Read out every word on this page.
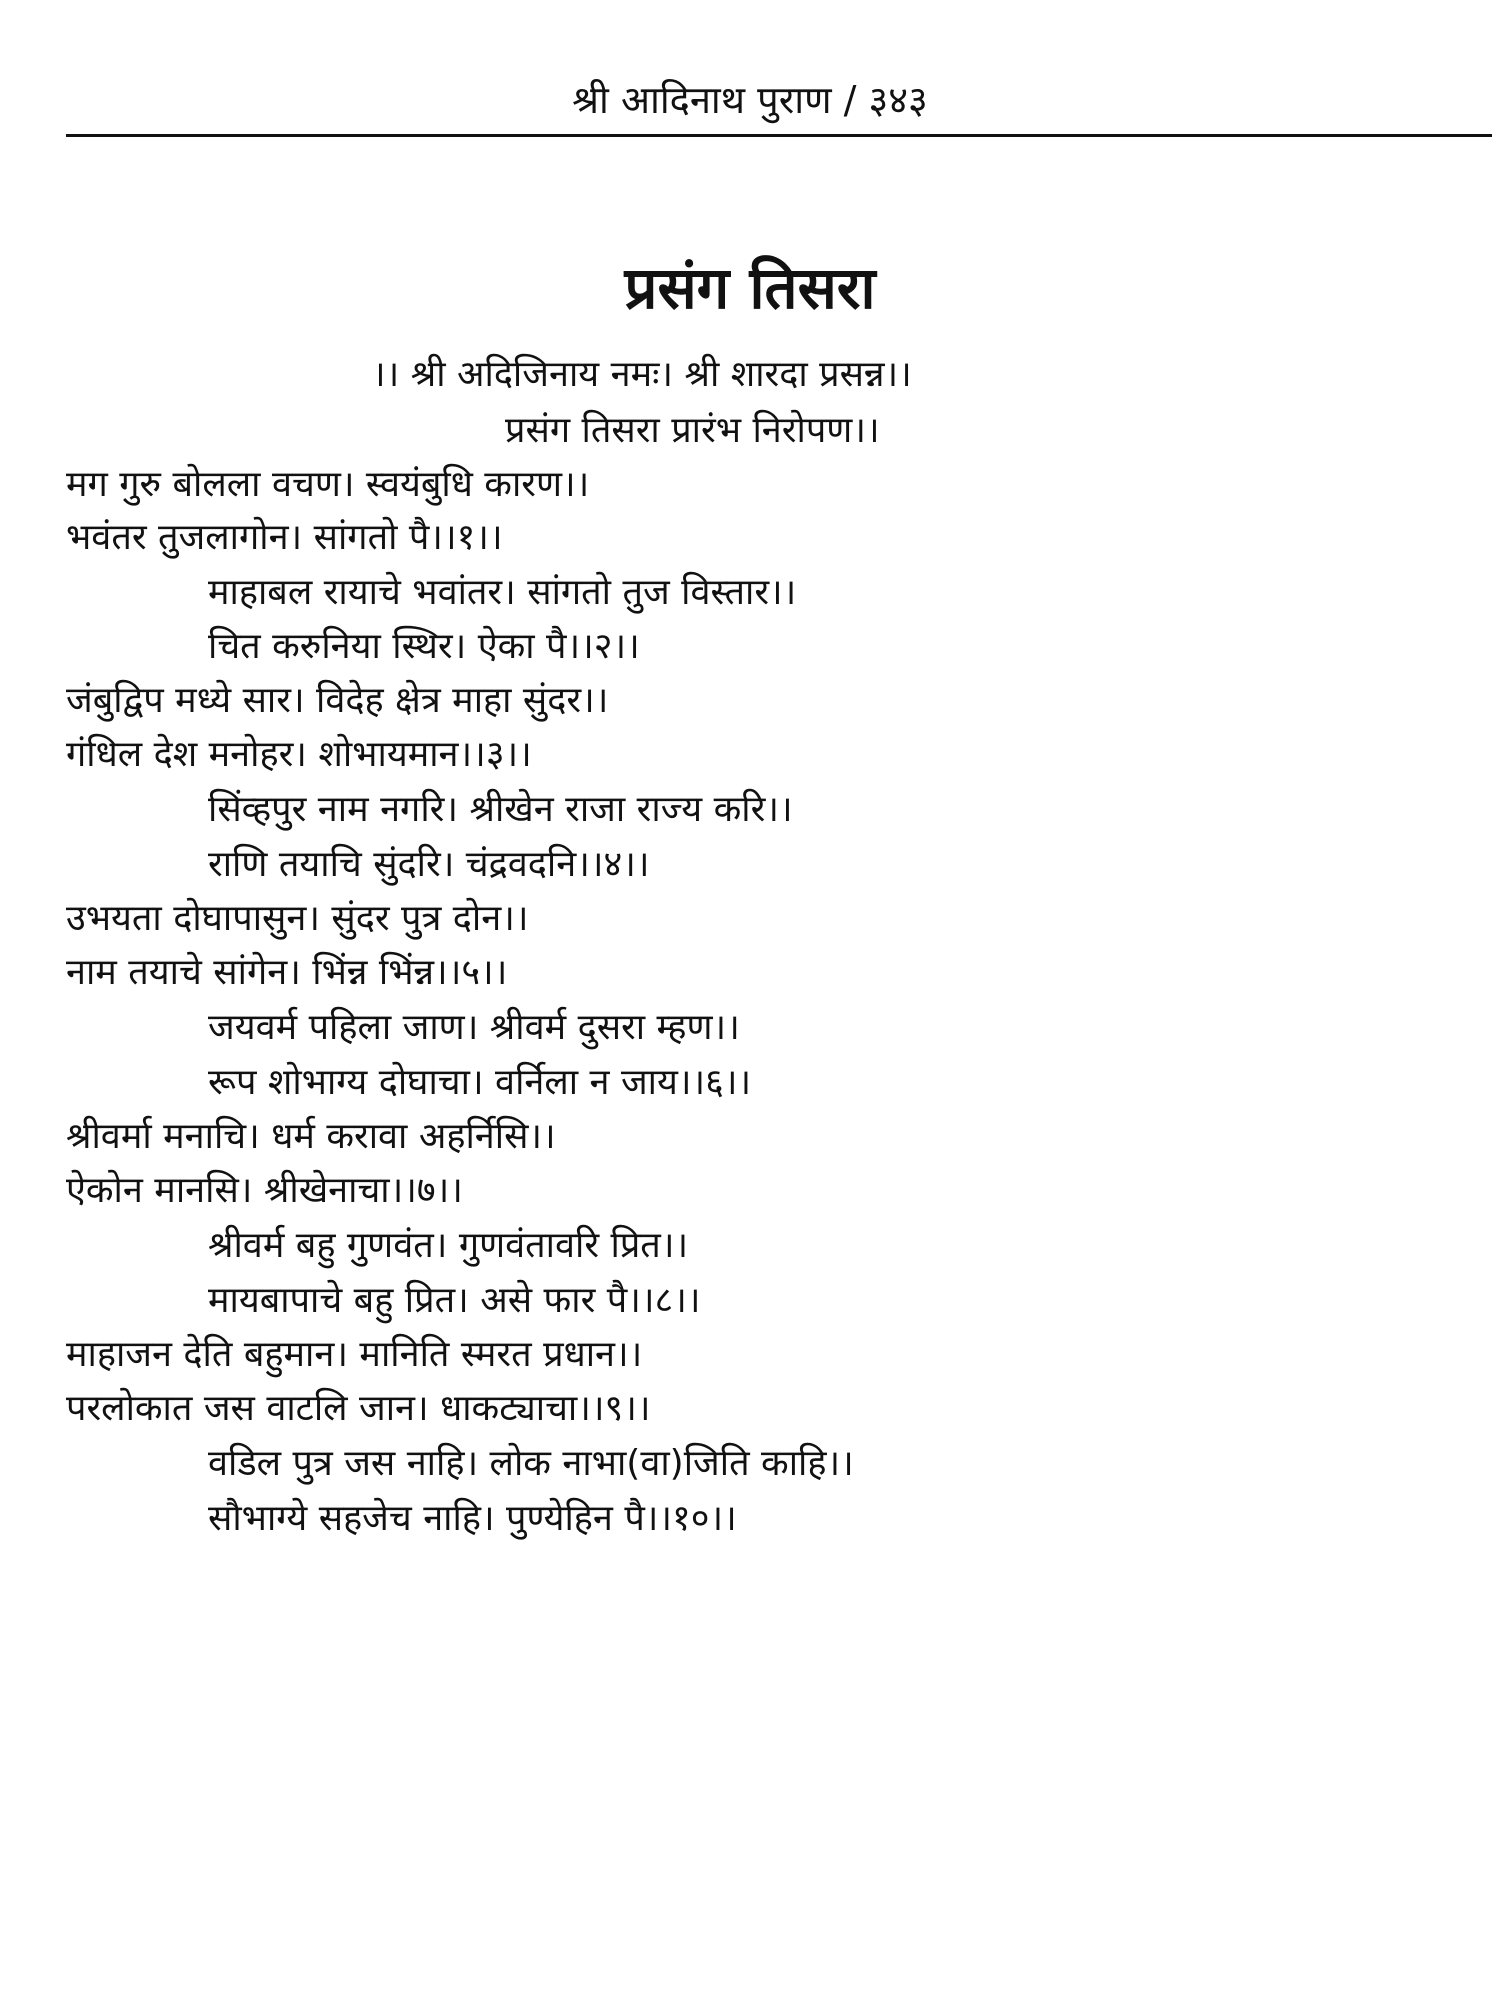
श्री आदिनाथ पुराण / ३४३
प्रसंग तिसरा
।। श्री अदिजिनाय नमः। श्री शारदा प्रसन्न।।
प्रसंग तिसरा प्रारंभ निरोपण।।
मग गुरु बोलला वचण। स्वयंबुधि कारण।।
भवंतर तुजलागोन। सांगतो पै।।१।।
माहाबल रायाचे भवांतर। सांगतो तुज विस्तार।।
चित करुनिया स्थिर। ऐका पै।।२।।
जंबुद्विप मध्ये सार। विदेह क्षेत्र माहा सुंदर।।
गंधिल देश मनोहर। शोभायमान।।३।।
सिंव्हपुर नाम नगरि। श्रीखेन राजा राज्य करि।।
राणि तयाचि सुंदरि। चंद्रवदनि।।४।।
उभयता दोघापासुन। सुंदर पुत्र दोन।।
नाम तयाचे सांगेन। भिंन्न भिंन्न।।५।।
जयवर्म पहिला जाण। श्रीवर्म दुसरा म्हण।।
रूप शोभाग्य दोघाचा। वर्निला न जाय।।६।।
श्रीवर्मा मनाचि। धर्म करावा अहर्निसि।।
ऐकोन मानसि। श्रीखेनाचा।।७।।
श्रीवर्म बहु गुणवंत। गुणवंतावरि प्रित।।
मायबापाचे बहु प्रित। असे फार पै।।८।।
माहाजन देति बहुमान। मानिति स्मरत प्रधान।।
परलोकात जस वाटलि जान। धाकट्याचा।।९।।
वडिल पुत्र जस नाहि। लोक नाभा(वा)जिति काहि।।
सौभाग्ये सहजेच नाहि। पुण्येहिन पै।।१०।।
